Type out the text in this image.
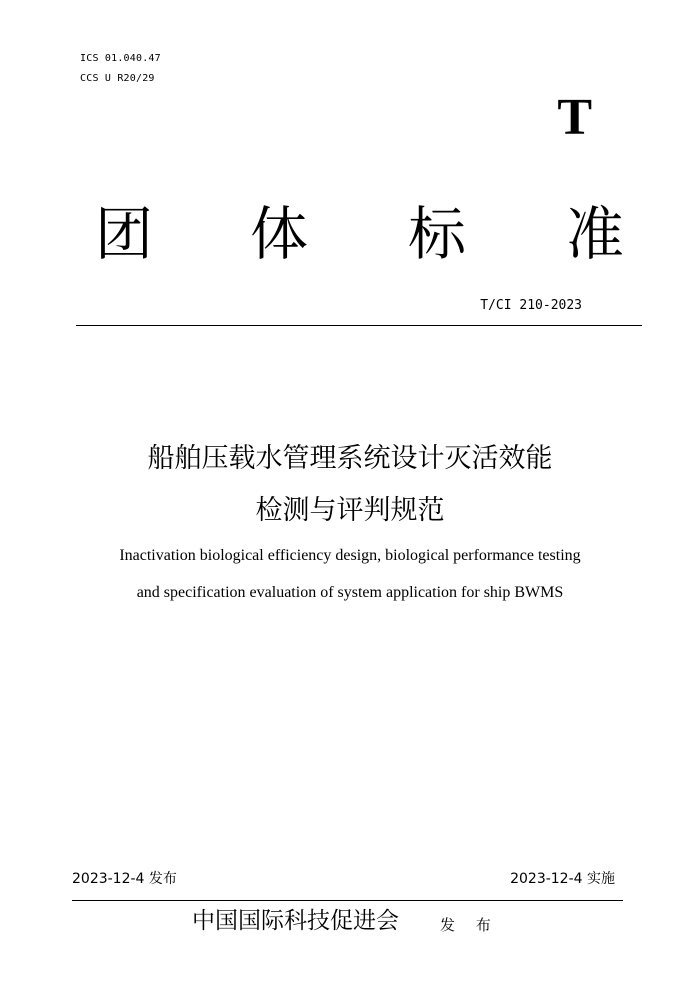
ICS 01.040.47
CCS U R20/29
T
团 体 标 准
T/CI 210-2023
船舶压载水管理系统设计灭活效能
检测与评判规范
Inactivation biological efficiency design, biological performance testing
and specification evaluation of system application for ship BWMS
2023-12-4 发布	2023-12-4 实施
中国国际科技促进会	发 布
